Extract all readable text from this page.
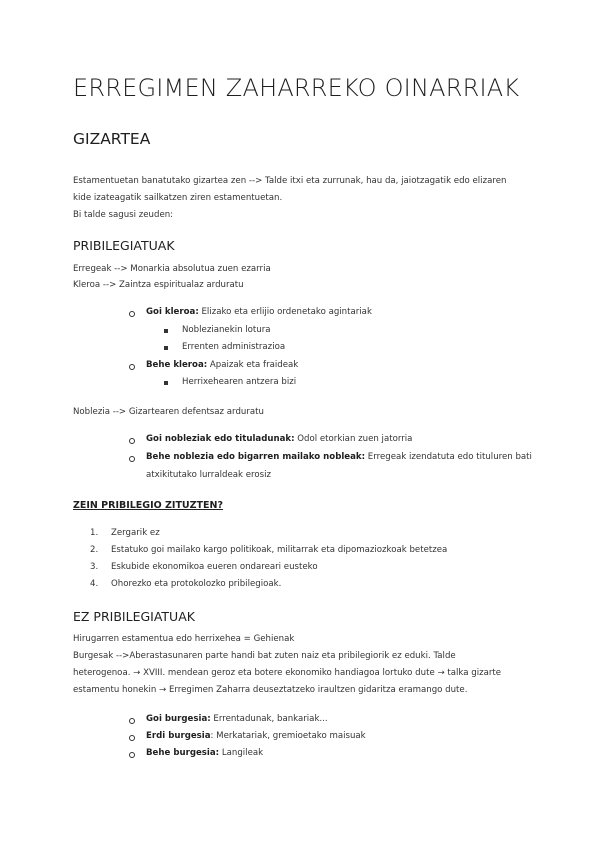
ERREGIMEN ZAHARREKO OINARRIAK
GIZARTEA
Estamentuetan banatutako gizartea zen --> Talde itxi eta zurrunak, hau da, jaiotzagatik edo elizaren
kide izateagatik sailkatzen ziren estamentuetan.
Bi talde sagusi zeuden:
PRIBILEGIATUAK
Erregeak --> Monarkia absolutua zuen ezarria
Kleroa --> Zaintza espiritualaz arduratu
Goi kleroa: Elizako eta erlijio ordenetako agintariak
Noblezianekin lotura
Errenten administrazioa
Behe kleroa: Apaizak eta fraideak
Herrixehearen antzera bizi
Noblezia --> Gizartearen defentsaz arduratu
Goi nobleziak edo tituladunak: Odol etorkian zuen jatorria
Behe noblezia edo bigarren mailako nobleak: Erregeak izendatuta edo tituluren bati
atxikitutako lurraldeak erosiz
ZEIN PRIBILEGIO ZITUZTEN?
1. Zergarik ez
2. Estatuko goi mailako kargo politikoak, militarrak eta dipomaziozkoak betetzea
3. Eskubide ekonomikoa eueren ondareari eusteko
4. Ohorezko eta protokolozko pribilegioak.
EZ PRIBILEGIATUAK
Hirugarren estamentua edo herrixehea = Gehienak
Burgesak -->Aberastasunaren parte handi bat zuten naiz eta pribilegiorik ez eduki. Talde
heterogenoa. → XVIII. mendean geroz eta botere ekonomiko handiagoa lortuko dute → talka gizarte
estamentu honekin → Erregimen Zaharra deuseztatzeko iraultzen gidaritza eramango dute.
Goi burgesia: Errentadunak, bankariak...
Erdi burgesia: Merkatariak, gremioetako maisuak
Behe burgesia: Langileak
